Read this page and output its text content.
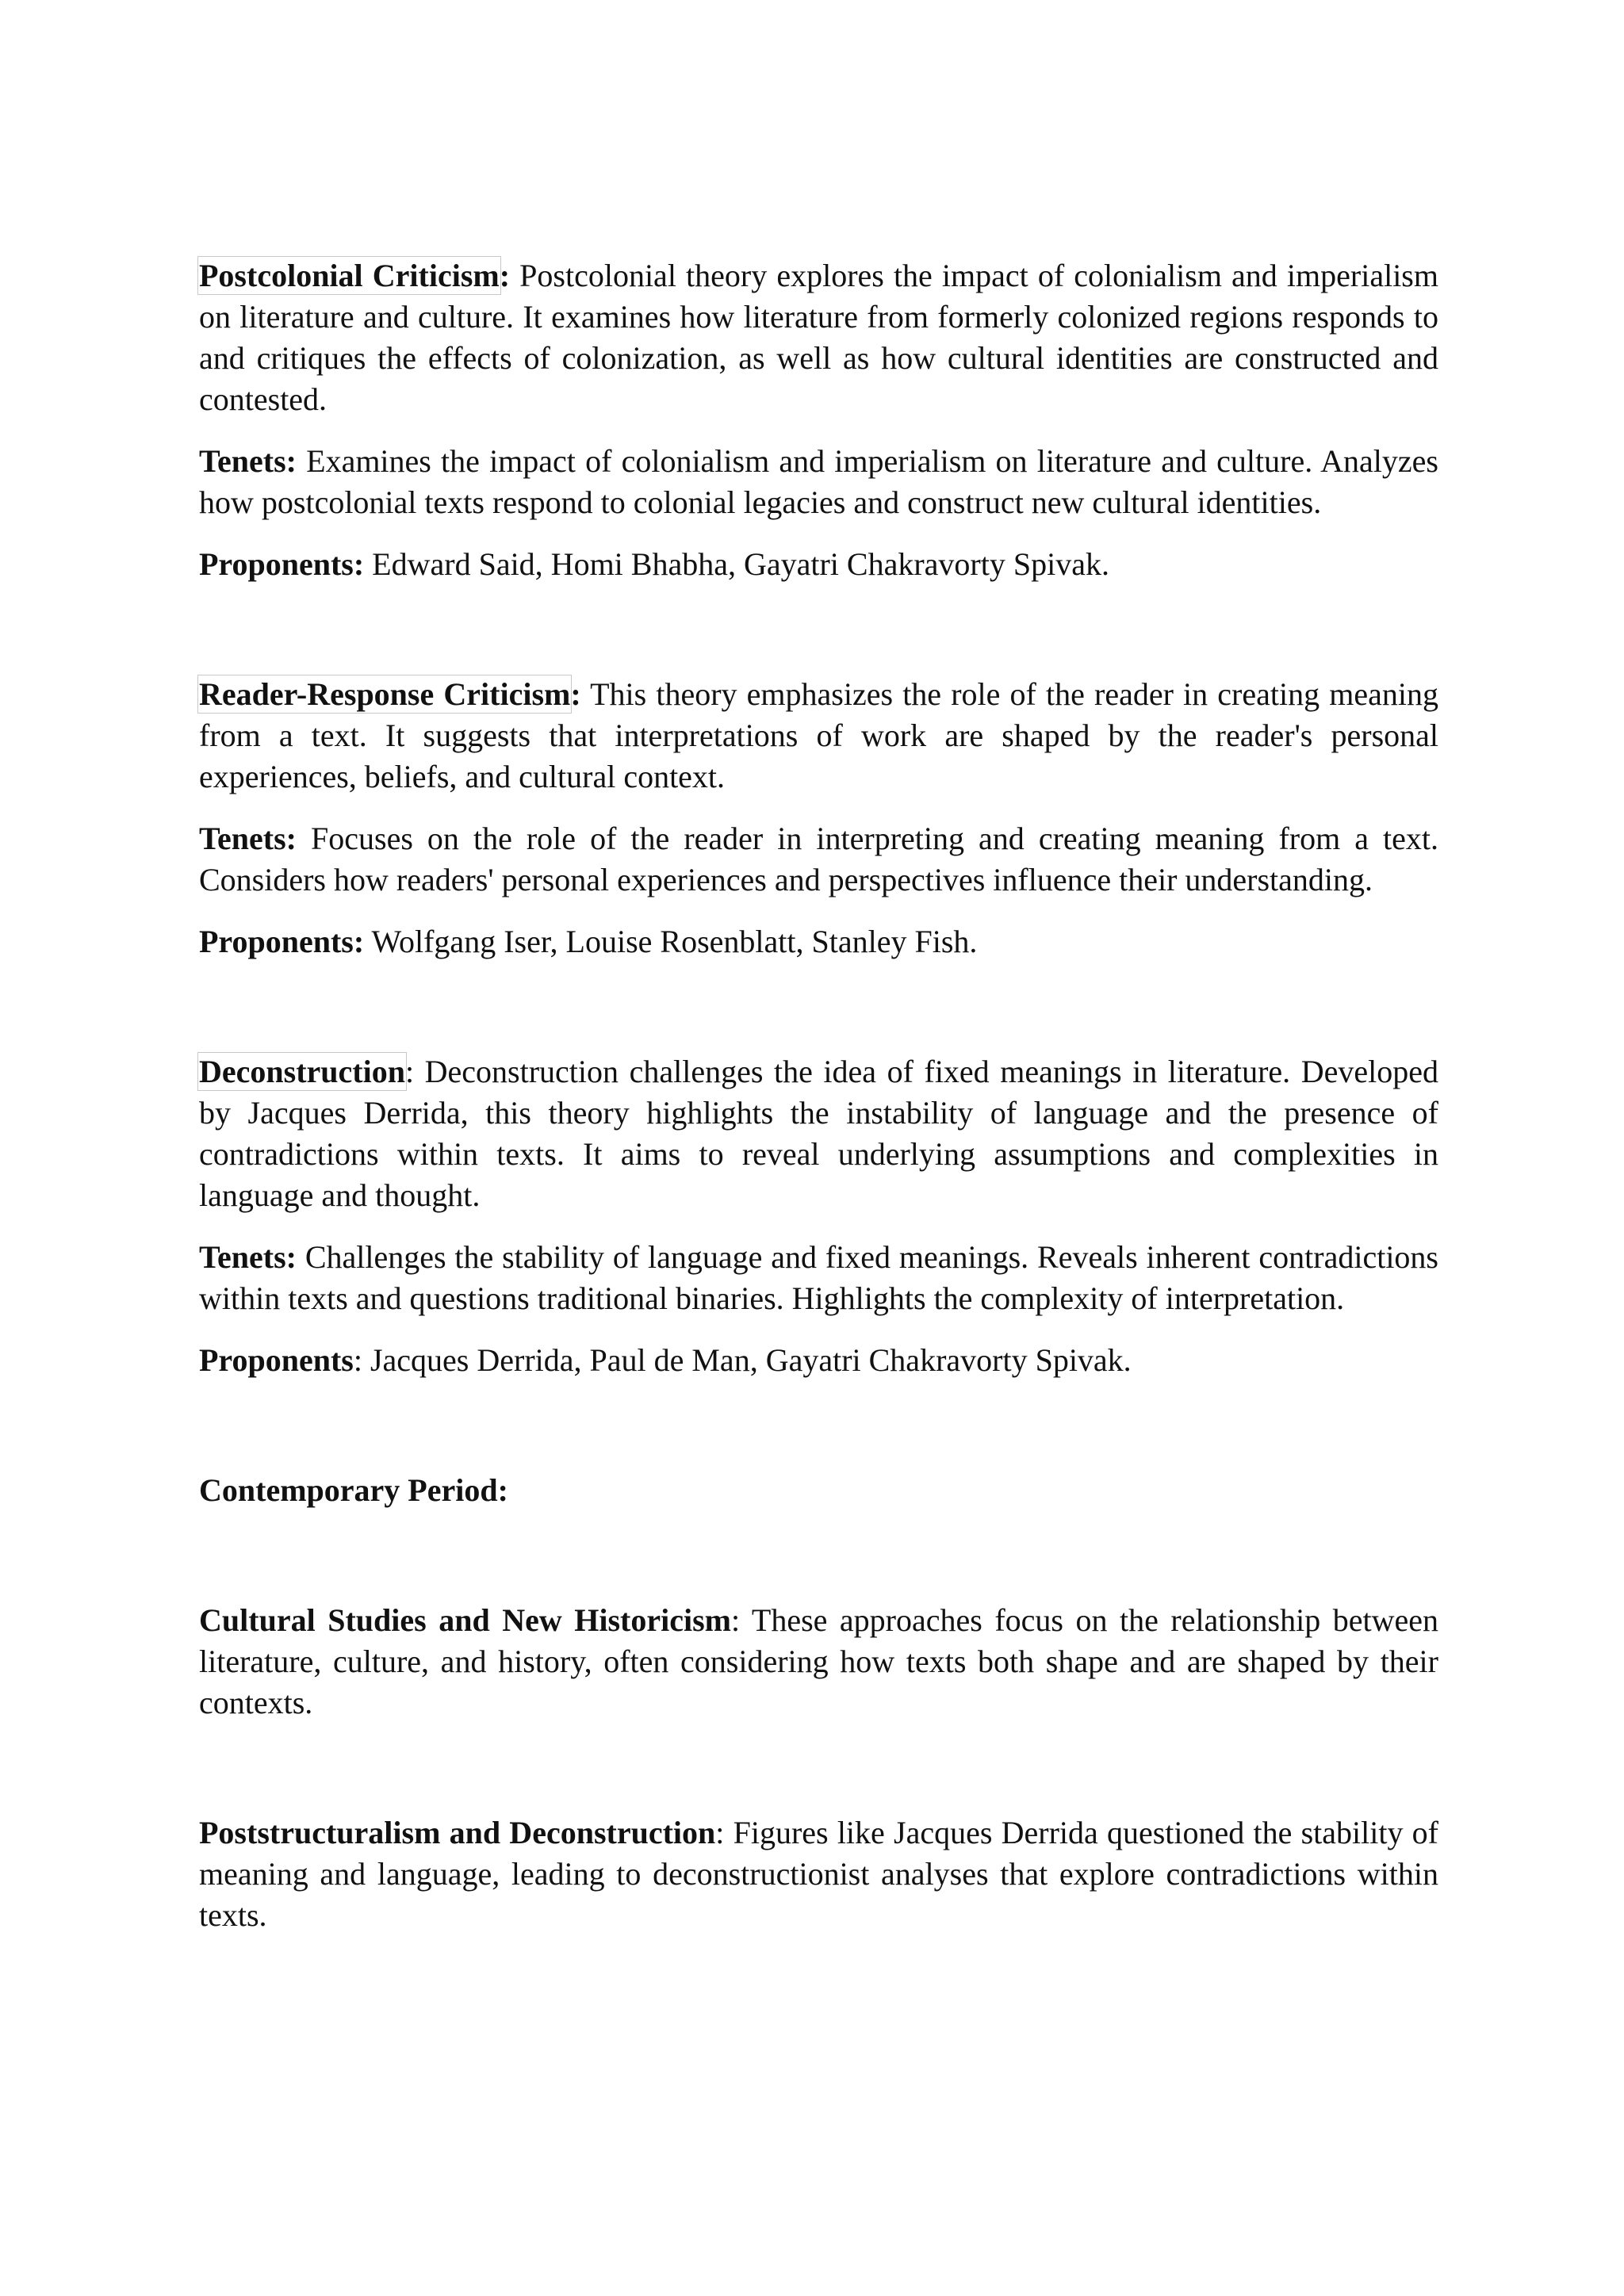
Postcolonial Criticism: Postcolonial theory explores the impact of colonialism and imperialism on literature and culture. It examines how literature from formerly colonized regions responds to and critiques the effects of colonization, as well as how cultural identities are constructed and contested.

Tenets: Examines the impact of colonialism and imperialism on literature and culture. Analyzes how postcolonial texts respond to colonial legacies and construct new cultural identities.

Proponents: Edward Said, Homi Bhabha, Gayatri Chakravorty Spivak.

Reader-Response Criticism: This theory emphasizes the role of the reader in creating meaning from a text. It suggests that interpretations of work are shaped by the reader's personal experiences, beliefs, and cultural context.

Tenets: Focuses on the role of the reader in interpreting and creating meaning from a text. Considers how readers' personal experiences and perspectives influence their understanding.

Proponents: Wolfgang Iser, Louise Rosenblatt, Stanley Fish.

Deconstruction: Deconstruction challenges the idea of fixed meanings in literature. Developed by Jacques Derrida, this theory highlights the instability of language and the presence of contradictions within texts. It aims to reveal underlying assumptions and complexities in language and thought.

Tenets: Challenges the stability of language and fixed meanings. Reveals inherent contradictions within texts and questions traditional binaries. Highlights the complexity of interpretation.

Proponents: Jacques Derrida, Paul de Man, Gayatri Chakravorty Spivak.

Contemporary Period:

Cultural Studies and New Historicism: These approaches focus on the relationship between literature, culture, and history, often considering how texts both shape and are shaped by their contexts.

Poststructuralism and Deconstruction: Figures like Jacques Derrida questioned the stability of meaning and language, leading to deconstructionist analyses that explore contradictions within texts.
